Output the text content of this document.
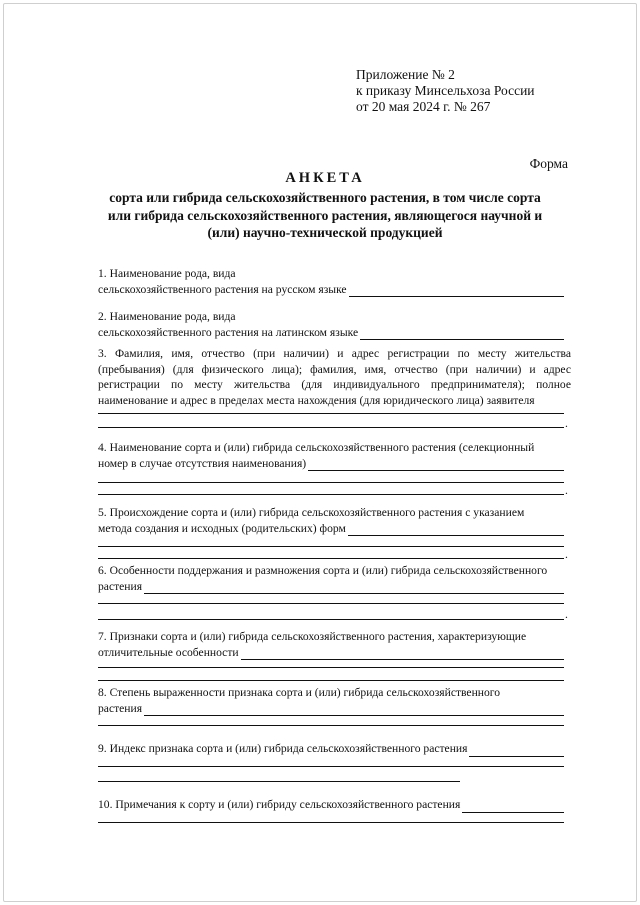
Приложение № 2
к приказу Минсельхоза России
от 20 мая 2024 г. № 267
Форма
АНКЕТА
сорта или гибрида сельскохозяйственного растения, в том числе сорта
или гибрида сельскохозяйственного растения, являющегося научной и
(или) научно-технической продукцией

1. Наименование рода, вида

сельскохозяйственного растения на русском языке

2. Наименование рода, вида

сельскохозяйственного растения на латинском языке

3. Фамилия, имя, отчество (при наличии) и адрес регистрации по месту жительства (пребывания) (для физического лица); фамилия, имя, отчество (при наличии) и адрес регистрации по месту жительства (для индивидуального предпринимателя); полное наименование и адрес в пределах места нахождения (для юридического лица) заявителя

.

4. Наименование сорта и (или) гибрида сельскохозяйственного растения (селекционный

номер в случае отсутствия наименования)
.

5. Происхождение сорта и (или) гибрида сельскохозяйственного растения с указанием

метода создания и исходных (родительских) форм
.

6. Особенности поддержания и размножения сорта и (или) гибрида сельскохозяйственного

растения
.

7. Признаки сорта и (или) гибрида сельскохозяйственного растения, характеризующие

отличительные особенности

8. Степень выраженности признака сорта и (или) гибрида сельскохозяйственного

растения
9. Индекс признака сорта и (или) гибрида сельскохозяйственного растения
10. Примечания к сорту и (или) гибриду сельскохозяйственного растения
